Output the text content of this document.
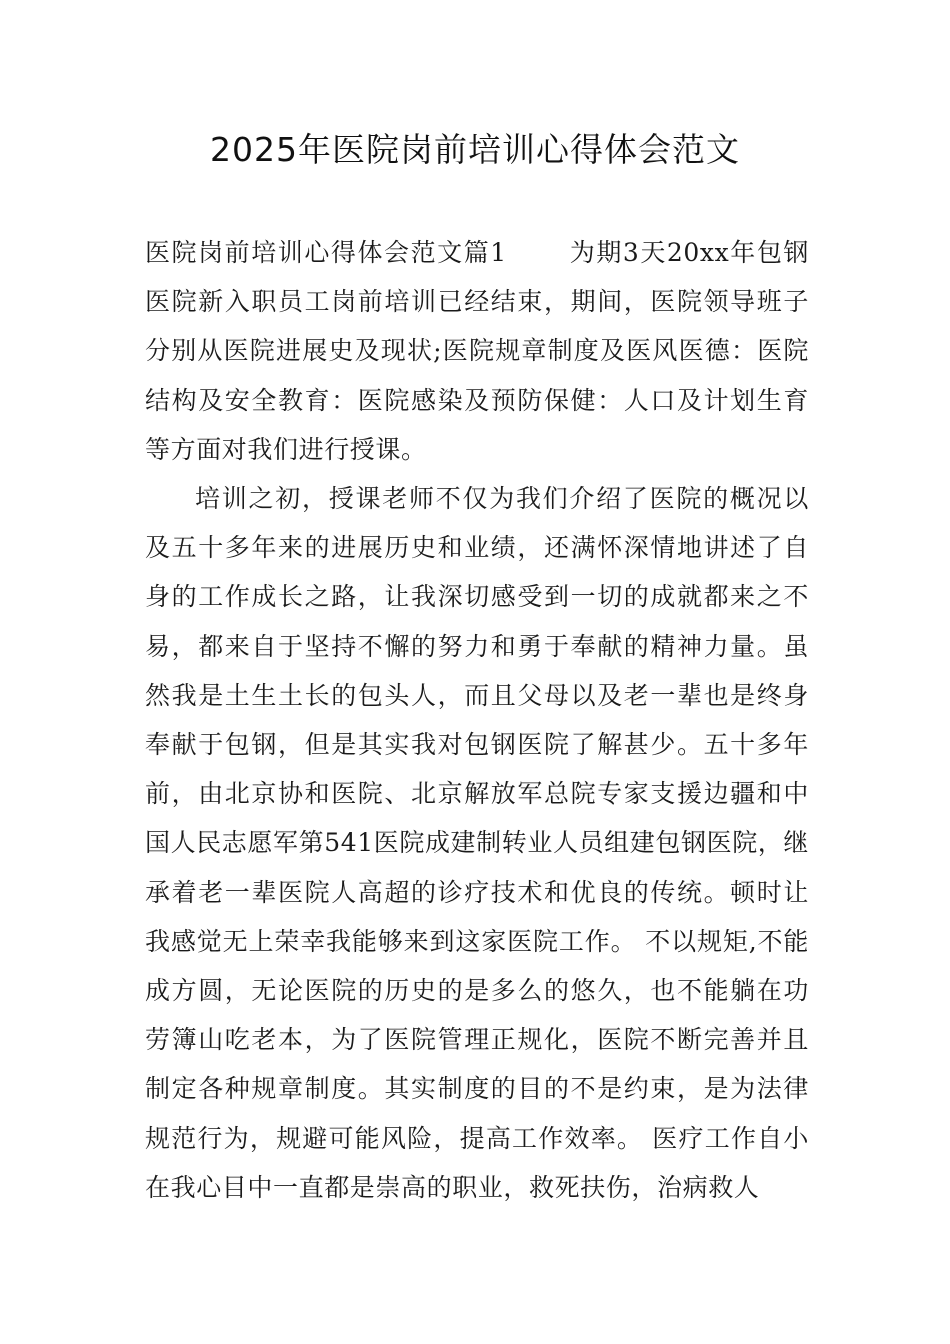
2025年医院岗前培训心得体会范文

医院岗前培训心得体会范文篇1 为期3天20xx年包钢医院新入职员工岗前培训已经结束，期间，医院领导班子分别从医院进展史及现状;医院规章制度及医风医德：医院结构及安全教育：医院感染及预防保健：人口及计划生育等方面对我们进行授课。

培训之初，授课老师不仅为我们介绍了医院的概况以及五十多年来的进展历史和业绩，还满怀深情地讲述了自身的工作成长之路，让我深切感受到一切的成就都来之不易，都来自于坚持不懈的努力和勇于奉献的精神力量。虽然我是土生土长的包头人，而且父母以及老一辈也是终身奉献于包钢，但是其实我对包钢医院了解甚少。五十多年前，由北京协和医院、北京解放军总院专家支援边疆和中国人民志愿军第541医院成建制转业人员组建包钢医院，继承着老一辈医院人高超的诊疗技术和优良的传统。顿时让我感觉无上荣幸我能够来到这家医院工作。 不以规矩,不能成方圆，无论医院的历史的是多么的悠久，也不能躺在功劳簿山吃老本，为了医院管理正规化，医院不断完善并且制定各种规章制度。其实制度的目的不是约束，是为法律规范行为，规避可能风险，提高工作效率。 医疗工作自小在我心目中一直都是崇高的职业，救死扶伤，治病救人
